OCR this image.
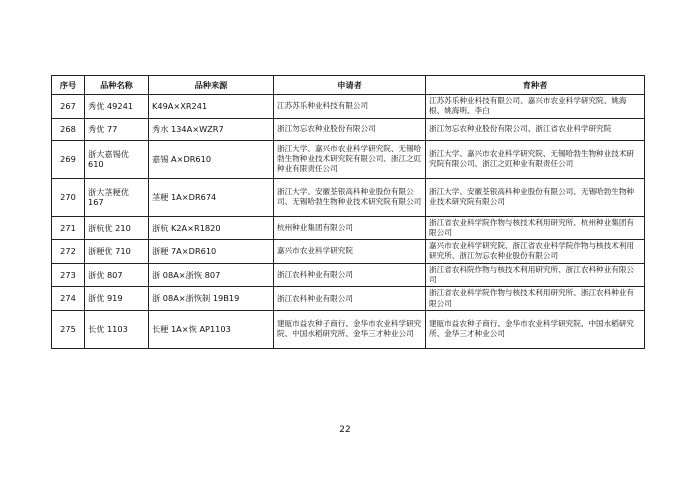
序号	品种名称	品种来源	申请者	育种者
267	秀优 49241	K49A×XR241	江苏苏乐种业科技有限公司	江苏苏乐种业科技有限公司、嘉兴市农业科学研究院、姚海根、姚海明、李白
268	秀优 77	秀水 134A×WZR7	浙江勿忘农种业股份有限公司	浙江勿忘农种业股份有限公司、浙江省农业科学研究院
269	浙大嘉锡优 610	嘉锡 A×DR610	浙江大学、嘉兴市农业科学研究院、无锡哈勃生物种业技术研究院有限公司、浙江之豇种业有限责任公司	浙江大学、嘉兴市农业科学研究院、无锡哈勃生物种业技术研究院有限公司、浙江之豇种业有限责任公司
270	浙大茎粳优 167	茎粳 1A×DR674	浙江大学、安徽荃银高科种业股份有限公司、无锡哈勃生物种业技术研究院有限公司	浙江大学、安徽荃银高科种业股份有限公司、无锡哈勃生物种业技术研究院有限公司
271	浙杭优 210	浙杭 K2A×R1820	杭州种业集团有限公司	浙江省农业科学院作物与核技术利用研究所、杭州种业集团有限公司
272	浙粳优 710	浙粳 7A×DR610	嘉兴市农业科学研究院	嘉兴市农业科学研究院、浙江省农业科学院作物与核技术利用研究所、浙江勿忘农种业股份有限公司
273	浙优 807	浙 08A×浙恢 807	浙江农科种业有限公司	浙江省农科院作物与核技术利用研究所、浙江农科种业有限公司
274	浙优 919	浙 08A×浙恢制 19B19	浙江农科种业有限公司	浙江省农业科学院作物与核技术利用研究所、浙江农科种业有限公司
275	长优 1103	长粳 1A×恢 AP1103	建瓯市益农种子商行、金华市农业科学研究院、中国水稻研究所、金华三才种业公司	建瓯市益农种子商行、金华市农业科学研究院、中国水稻研究所、金华三才种业公司
22
